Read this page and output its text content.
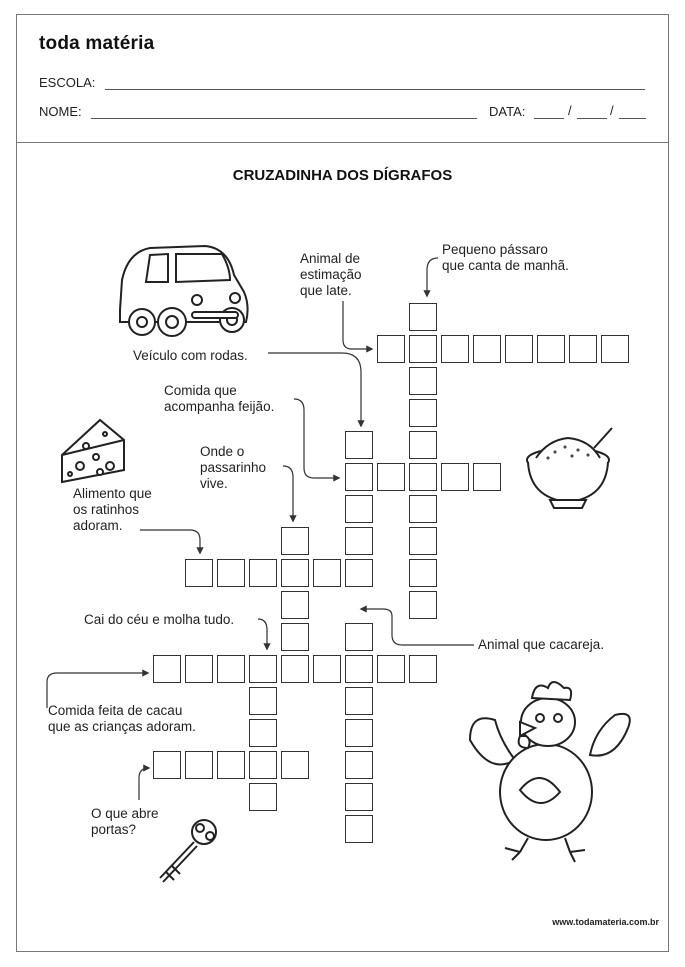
toda matéria
ESCOLA:
NOME:	DATA:	/	/
CRUZADINHA DOS DÍGRAFOS
Animal de
estimação
que late.
Pequeno pássaro
que canta de manhã.
Veículo com rodas.
Comida que
acompanha feijão.
Onde o
passarinho
vive.
Alimento que
os ratinhos
adoram.
Cai do céu e molha tudo.
Animal que cacareja.
Comida feita de cacau
que as crianças adoram.
O que abre
portas?
www.todamateria.com.br
